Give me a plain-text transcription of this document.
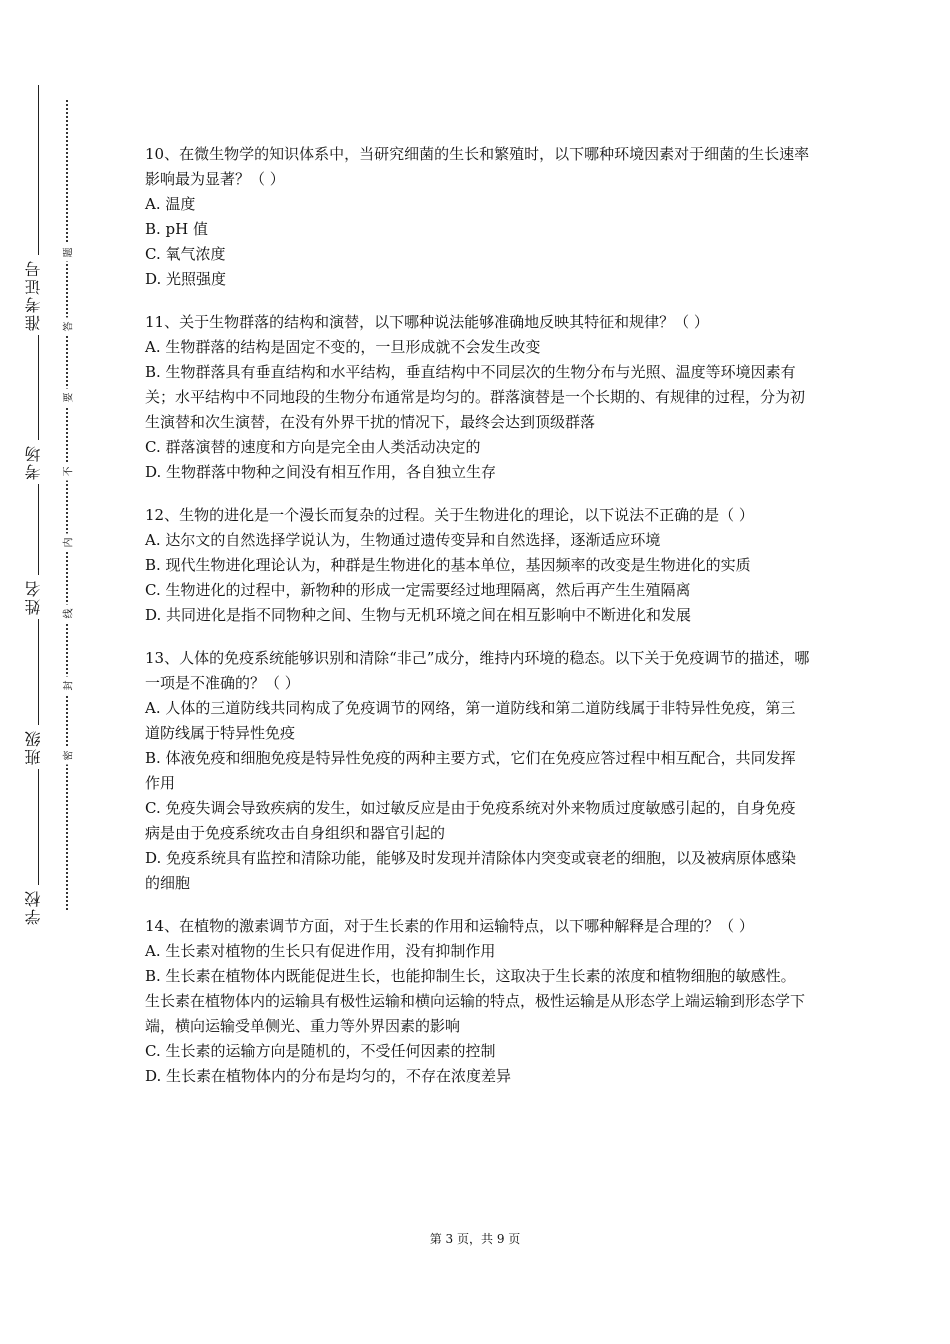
准考证号
考场
姓名
班级
学校
题
答
要
不
内
线
封
密

10、在微生物学的知识体系中，当研究细菌的生长和繁殖时，以下哪种环境因素对于细菌的生长速率影响最为显著？（ ）

A. 温度

B. pH 值

C. 氧气浓度

D. 光照强度

11、关于生物群落的结构和演替，以下哪种说法能够准确地反映其特征和规律？（ ）

A. 生物群落的结构是固定不变的，一旦形成就不会发生改变

B. 生物群落具有垂直结构和水平结构，垂直结构中不同层次的生物分布与光照、温度等环境因素有关；水平结构中不同地段的生物分布通常是均匀的。群落演替是一个长期的、有规律的过程，分为初生演替和次生演替，在没有外界干扰的情况下，最终会达到顶级群落

C. 群落演替的速度和方向是完全由人类活动决定的

D. 生物群落中物种之间没有相互作用，各自独立生存

12、生物的进化是一个漫长而复杂的过程。关于生物进化的理论，以下说法不正确的是（ ）

A. 达尔文的自然选择学说认为，生物通过遗传变异和自然选择，逐渐适应环境

B. 现代生物进化理论认为，种群是生物进化的基本单位，基因频率的改变是生物进化的实质

C. 生物进化的过程中，新物种的形成一定需要经过地理隔离，然后再产生生殖隔离

D. 共同进化是指不同物种之间、生物与无机环境之间在相互影响中不断进化和发展

13、人体的免疫系统能够识别和清除“非己”成分，维持内环境的稳态。以下关于免疫调节的描述，哪一项是不准确的？（ ）

A. 人体的三道防线共同构成了免疫调节的网络，第一道防线和第二道防线属于非特异性免疫，第三道防线属于特异性免疫

B. 体液免疫和细胞免疫是特异性免疫的两种主要方式，它们在免疫应答过程中相互配合，共同发挥作用

C. 免疫失调会导致疾病的发生，如过敏反应是由于免疫系统对外来物质过度敏感引起的，自身免疫病是由于免疫系统攻击自身组织和器官引起的

D. 免疫系统具有监控和清除功能，能够及时发现并清除体内突变或衰老的细胞，以及被病原体感染的细胞

14、在植物的激素调节方面，对于生长素的作用和运输特点，以下哪种解释是合理的？（ ）

A. 生长素对植物的生长只有促进作用，没有抑制作用

B. 生长素在植物体内既能促进生长，也能抑制生长，这取决于生长素的浓度和植物细胞的敏感性。生长素在植物体内的运输具有极性运输和横向运输的特点，极性运输是从形态学上端运输到形态学下端，横向运输受单侧光、重力等外界因素的影响

C. 生长素的运输方向是随机的，不受任何因素的控制

D. 生长素在植物体内的分布是均匀的，不存在浓度差异

第 3 页，共 9 页
